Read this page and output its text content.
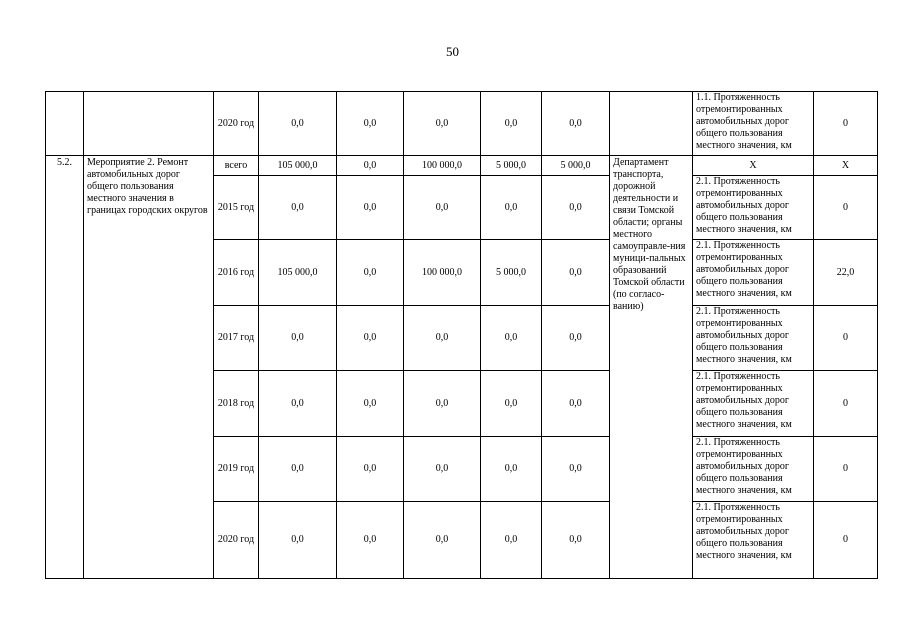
50
		2020 год	0,0	0,0	0,0	0,0	0,0		1.1. Протяженность отремонтированных автомобильных дорог общего пользования местного значения, км	0
5.2.	Мероприятие 2. Ремонт автомобильных дорог общего пользования местного значения в границах городских округов	всего	105 000,0	0,0	100 000,0	5 000,0	5 000,0	Департамент транспорта, дорожной деятельности и связи Томской области; органы местного самоуправле-ния муници-пальных образований Томской области (по согласо-ванию)	X	X
		2015 год	0,0	0,0	0,0	0,0	0,0		2.1. Протяженность отремонтированных автомобильных дорог общего пользования местного значения, км	0
		2016 год	105 000,0	0,0	100 000,0	5 000,0	0,0		2.1. Протяженность отремонтированных автомобильных дорог общего пользования местного значения, км	22,0
		2017 год	0,0	0,0	0,0	0,0	0,0		2.1. Протяженность отремонтированных автомобильных дорог общего пользования местного значения, км	0
		2018 год	0,0	0,0	0,0	0,0	0,0		2.1. Протяженность отремонтированных автомобильных дорог общего пользования местного значения, км	0
		2019 год	0,0	0,0	0,0	0,0	0,0		2.1. Протяженность отремонтированных автомобильных дорог общего пользования местного значения, км	0
		2020 год	0,0	0,0	0,0	0,0	0,0		2.1. Протяженность отремонтированных автомобильных дорог общего пользования местного значения, км	0
